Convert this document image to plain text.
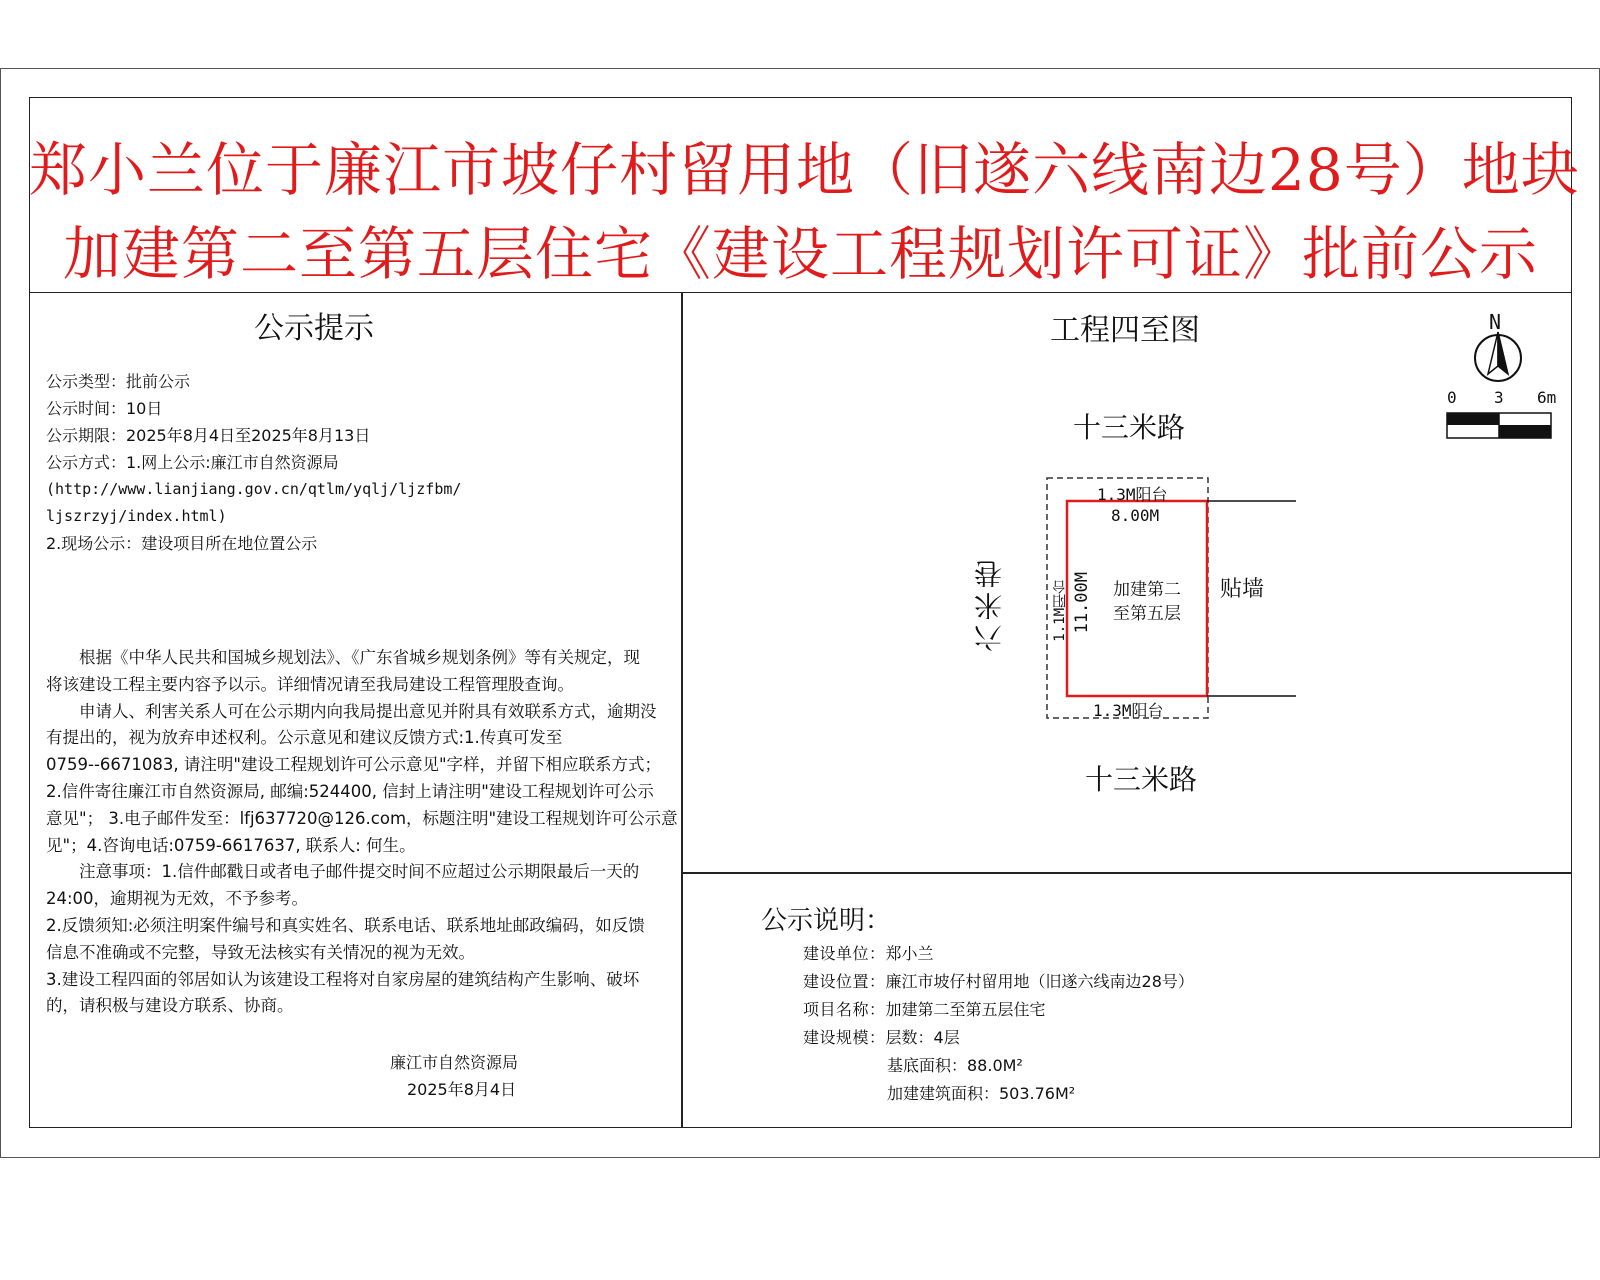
郑小兰位于廉江市坡仔村留用地（旧遂六线南边28号）地块
加建第二至第五层住宅《建设工程规划许可证》批前公示
公示提示
公示类型：批前公示
公示时间：10日
公示期限：2025年8月4日至2025年8月13日
公示方式：1.网上公示:廉江市自然资源局
(http://www.lianjiang.gov.cn/qtlm/yqlj/ljzfbm/
ljszrzyj/index.html)
2.现场公示：建设项目所在地位置公示
　　根据《中华人民共和国城乡规划法》、《广东省城乡规划条例》等有关规定，现
将该建设工程主要内容予以示。详细情况请至我局建设工程管理股查询。
　　申请人、利害关系人可在公示期内向我局提出意见并附具有效联系方式，逾期没
有提出的，视为放弃申述权利。公示意见和建议反馈方式:1.传真可发至
0759--6671083, 请注明"建设工程规划许可公示意见"字样，并留下相应联系方式；
2.信件寄往廉江市自然资源局, 邮编:524400, 信封上请注明"建设工程规划许可公示
意见"； 3.电子邮件发至：lfj637720@126.com，标题注明"建设工程规划许可公示意
见"；4.咨询电话:0759-6617637, 联系人: 何生。
　　注意事项：1.信件邮戳日或者电子邮件提交时间不应超过公示期限最后一天的
24:00，逾期视为无效，不予参考。
2.反馈须知:必须注明案件编号和真实姓名、联系电话、联系地址邮政编码，如反馈
信息不准确或不完整，导致无法核实有关情况的视为无效。
3.建设工程四面的邻居如认为该建设工程将对自家房屋的建筑结构产生影响、破坏
的，请积极与建设方联系、协商。
廉江市自然资源局
2025年8月4日
工程四至图	N
0 3 6m
十三米路
十三米路
六米巷	贴墙
1.3M阳台
1.3M阳台
8.00M
1.1M阳台 11.00M 加建第二
至第五层
公示说明：
建设单位：郑小兰
建设位置：廉江市坡仔村留用地（旧遂六线南边28号）
项目名称：加建第二至第五层住宅
建设规模：层数：4层
基底面积：88.0M²
加建建筑面积：503.76M²
